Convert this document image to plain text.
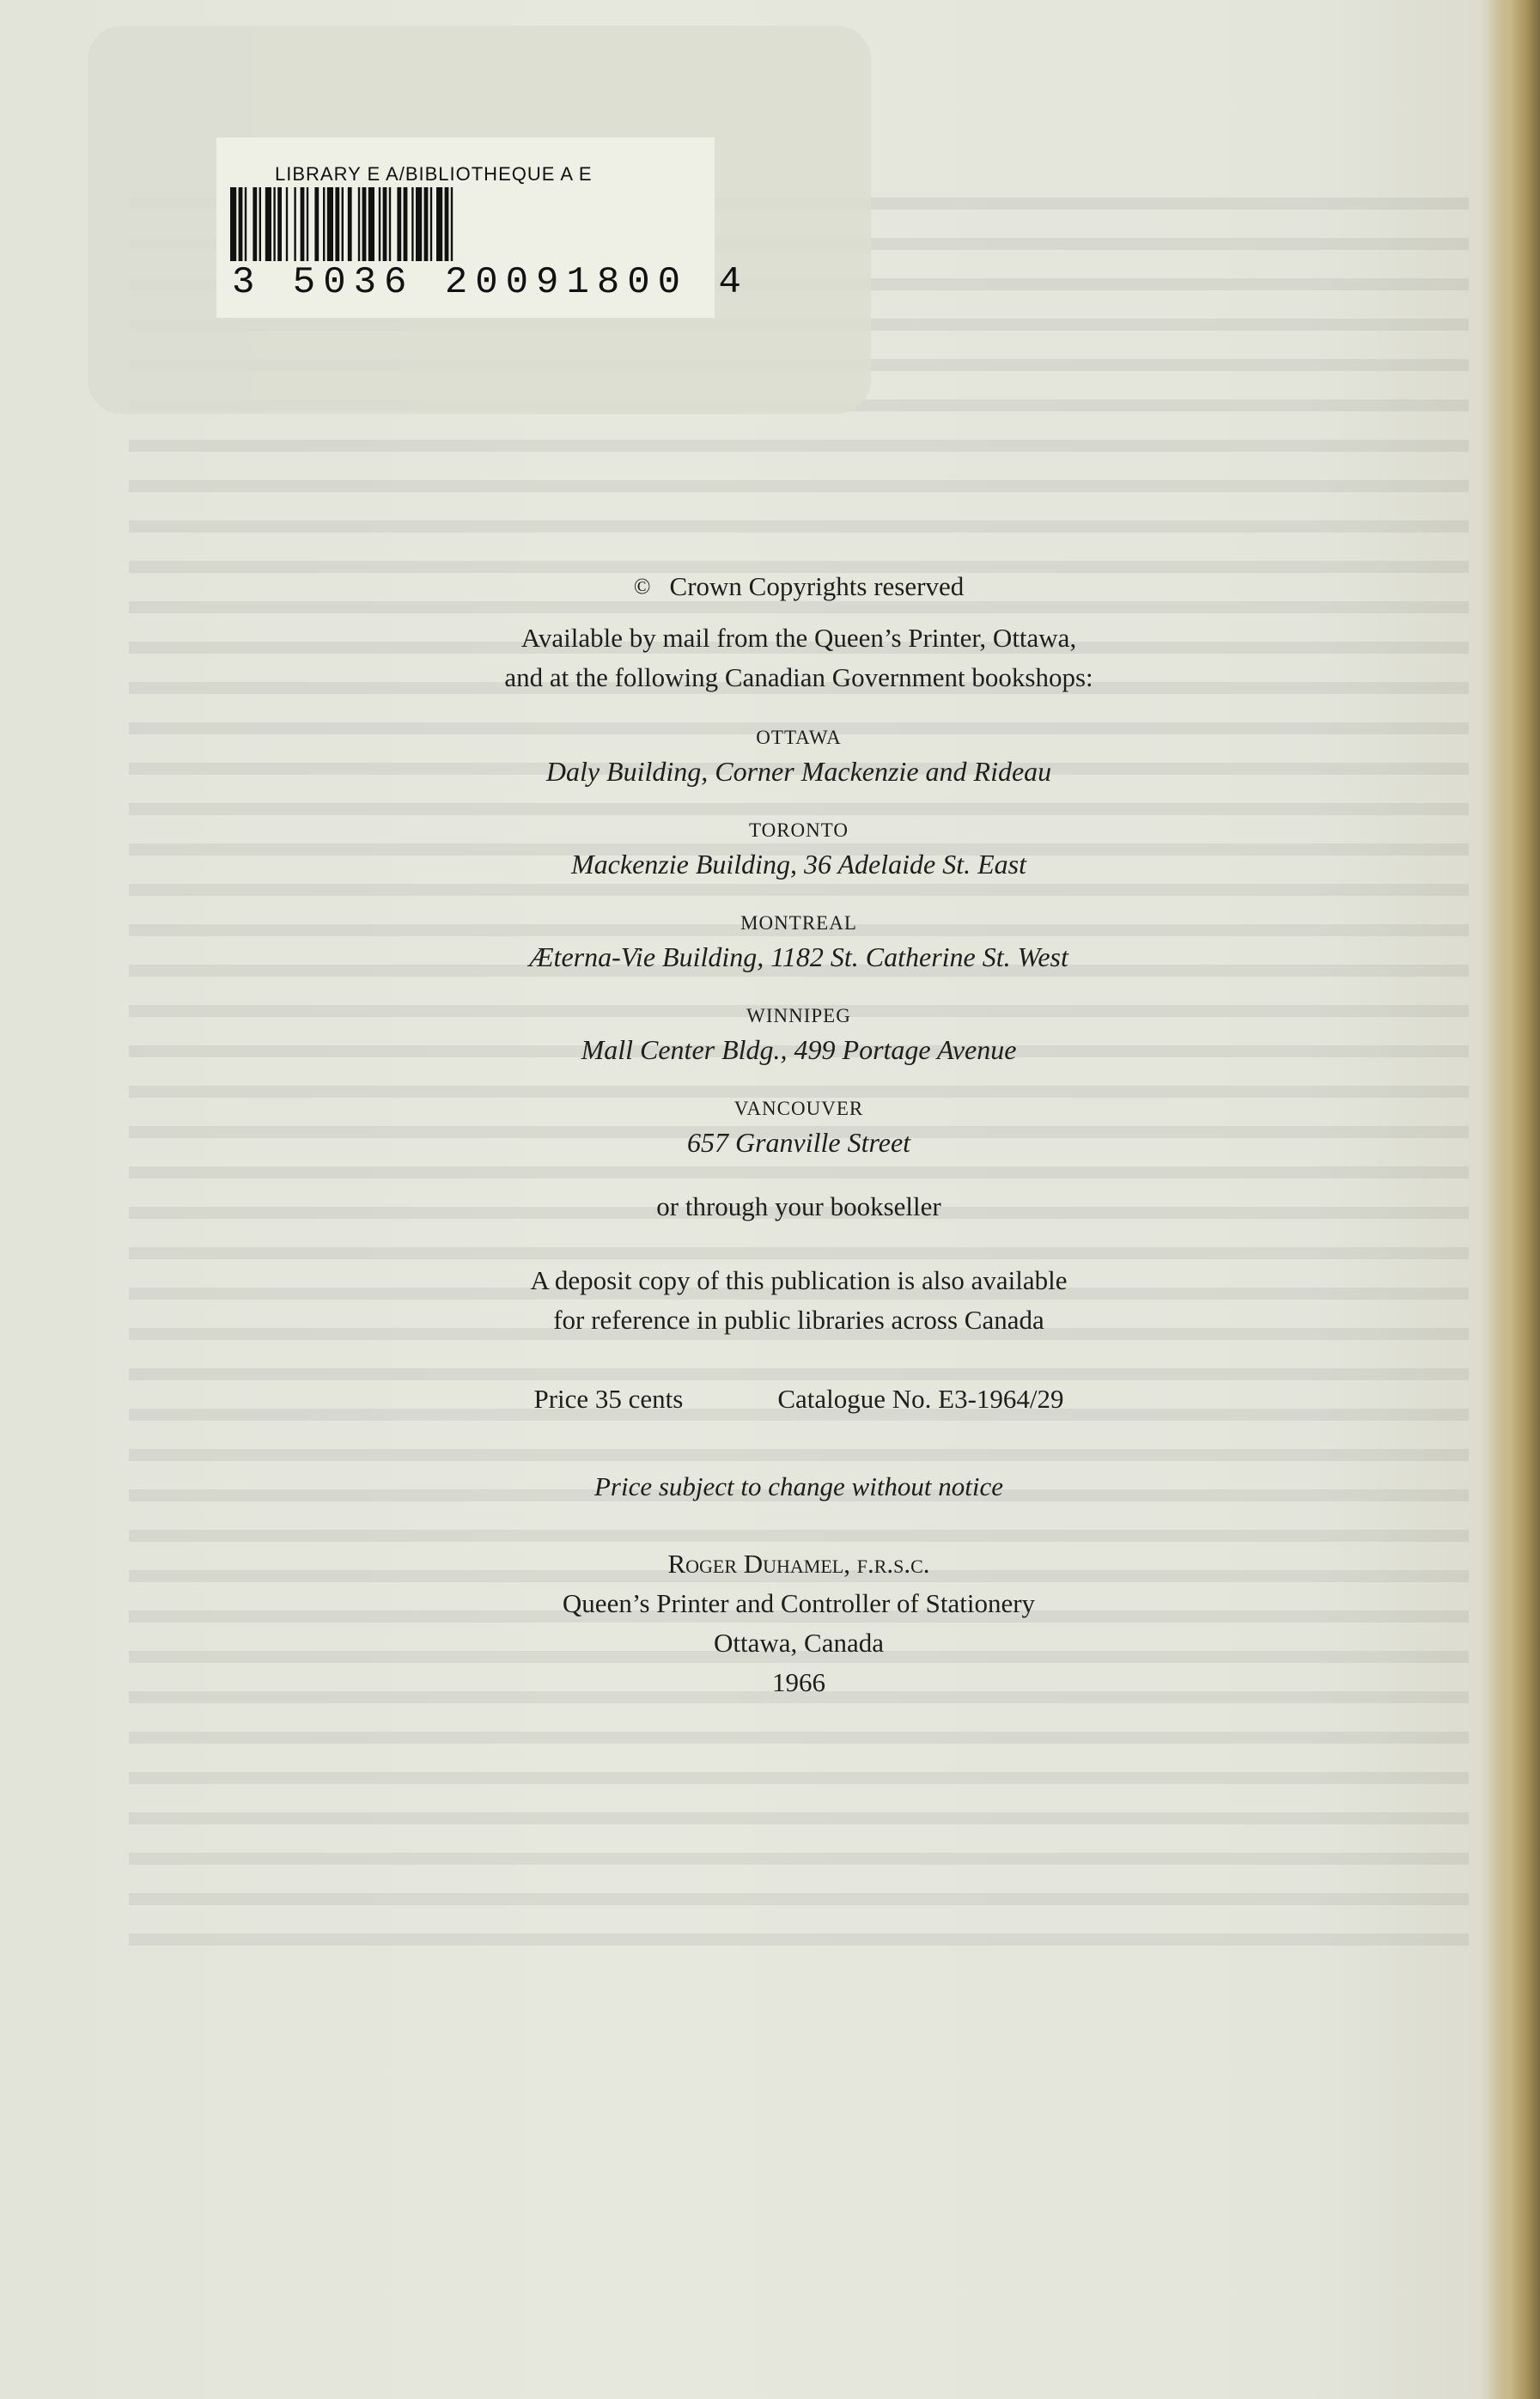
LIBRARY E A/BIBLIOTHEQUE A E
3 5036 20091800 4
© Crown Copyrights reserved
Available by mail from the Queen’s Printer, Ottawa,
and at the following Canadian Government bookshops:
OTTAWA
Daly Building, Corner Mackenzie and Rideau
TORONTO
Mackenzie Building, 36 Adelaide St. East
MONTREAL
Æterna-Vie Building, 1182 St. Catherine St. West
WINNIPEG
Mall Center Bldg., 499 Portage Avenue
VANCOUVER
657 Granville Street
or through your bookseller
A deposit copy of this publication is also available
for reference in public libraries across Canada
Price 35 cents	Catalogue No. E3-1964/29
Price subject to change without notice
Roger Duhamel, f.r.s.c.
Queen’s Printer and Controller of Stationery
Ottawa, Canada
1966
